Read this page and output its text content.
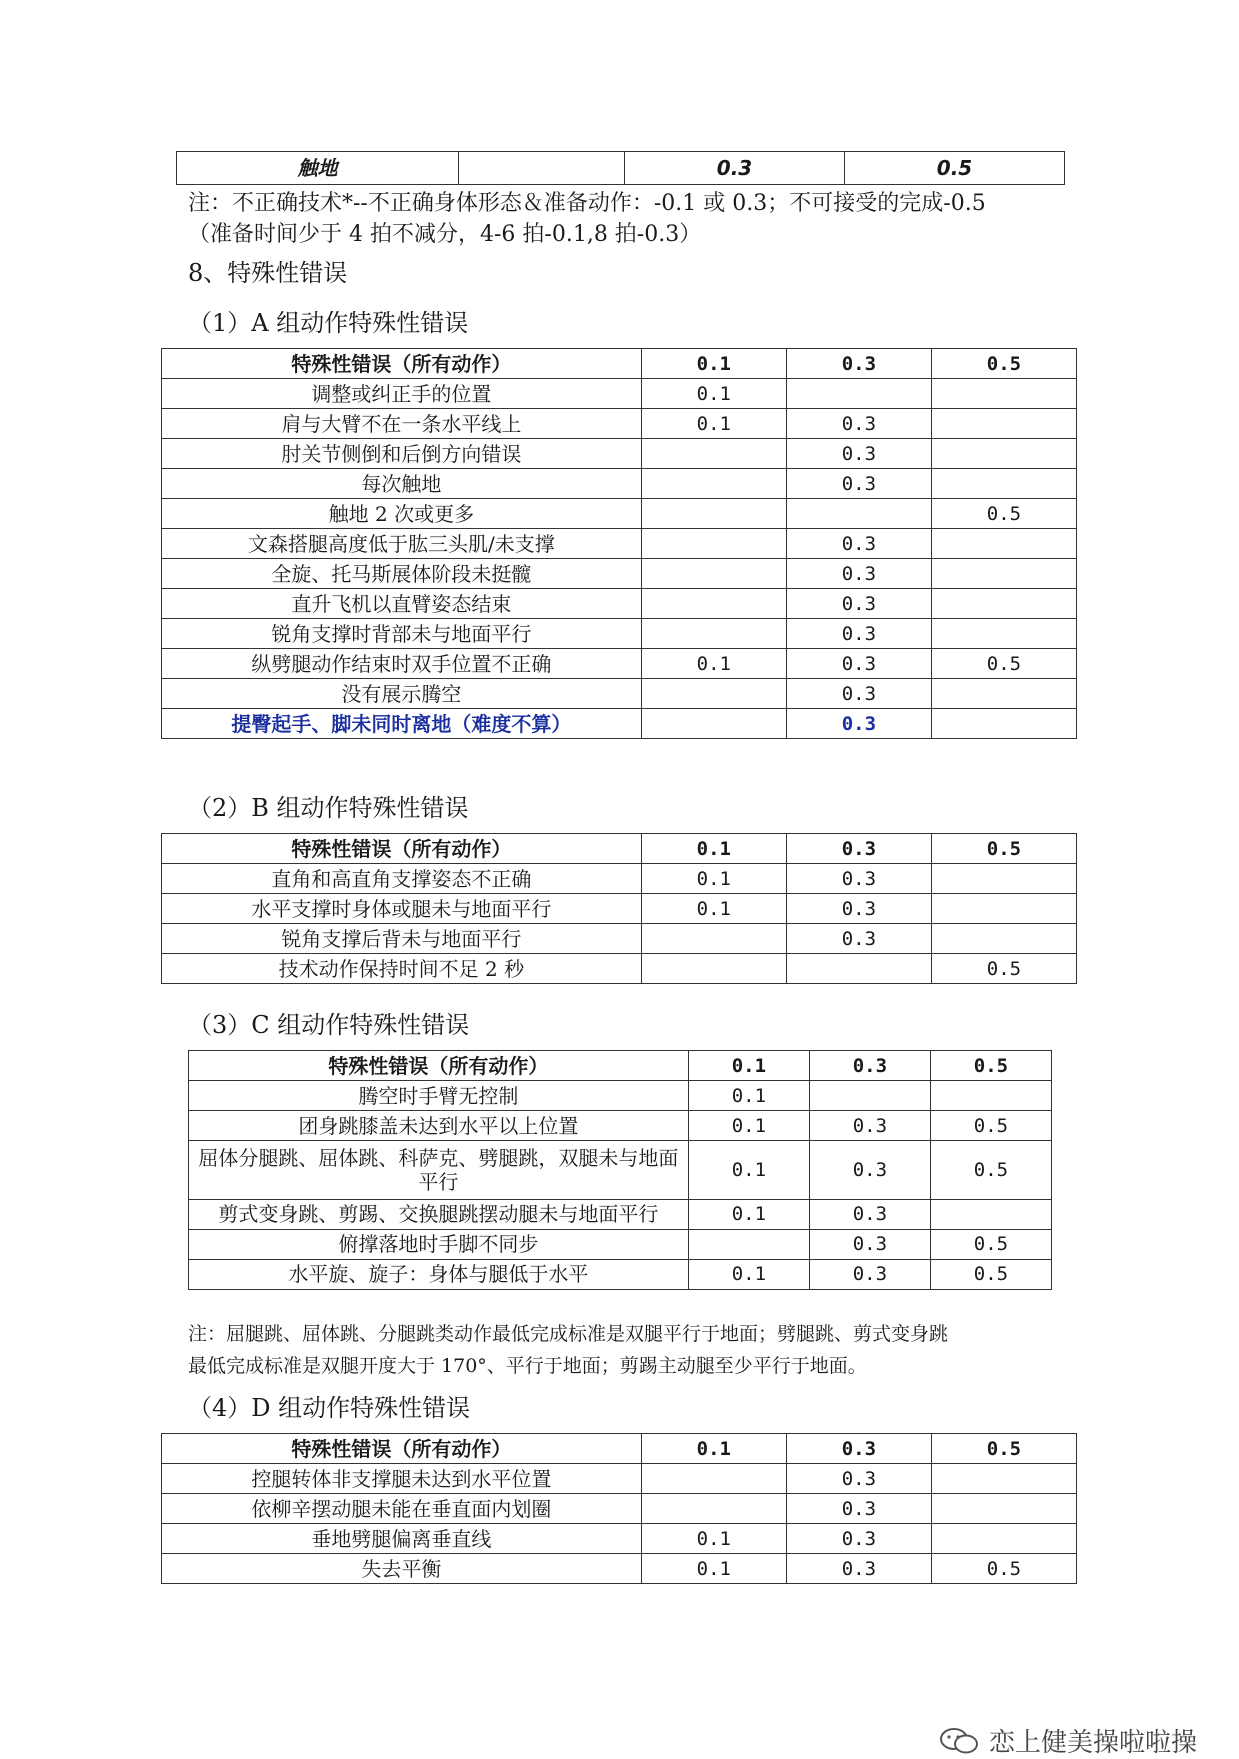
触地		0.3	0.5
注：不正确技术*--不正确身体形态＆准备动作：-0.1 或 0.3；不可接受的完成-0.5
（准备时间少于 4 拍不减分，4-6 拍-0.1,8 拍-0.3）
8、特殊性错误
（1）A 组动作特殊性错误
特殊性错误（所有动作）	0.1	0.3	0.5
调整或纠正手的位置	0.1		
肩与大臂不在一条水平线上	0.1	0.3	
肘关节侧倒和后倒方向错误		0.3	
每次触地		0.3	
触地 2 次或更多			0.5
文森搭腿高度低于肱三头肌/未支撑		0.3	
全旋、托马斯展体阶段未挺髋		0.3	
直升飞机以直臂姿态结束		0.3	
锐角支撑时背部未与地面平行		0.3	
纵劈腿动作结束时双手位置不正确	0.1	0.3	0.5
没有展示腾空		0.3	
提臀起手、脚未同时离地（难度不算）		0.3	
（2）B 组动作特殊性错误
特殊性错误（所有动作）	0.1	0.3	0.5
直角和高直角支撑姿态不正确	0.1	0.3	
水平支撑时身体或腿未与地面平行	0.1	0.3	
锐角支撑后背未与地面平行		0.3	
技术动作保持时间不足 2 秒			0.5
（3）C 组动作特殊性错误
特殊性错误（所有动作）	0.1	0.3	0.5
腾空时手臂无控制	0.1		
团身跳膝盖未达到水平以上位置	0.1	0.3	0.5
屈体分腿跳、屈体跳、科萨克、劈腿跳，双腿未与地面平行	0.1	0.3	0.5
剪式变身跳、剪踢、交换腿跳摆动腿未与地面平行	0.1	0.3	
俯撑落地时手脚不同步		0.3	0.5
水平旋、旋子：身体与腿低于水平	0.1	0.3	0.5
注：屈腿跳、屈体跳、分腿跳类动作最低完成标准是双腿平行于地面；劈腿跳、剪式变身跳
最低完成标准是双腿开度大于 170°、平行于地面；剪踢主动腿至少平行于地面。
（4）D 组动作特殊性错误
特殊性错误（所有动作）	0.1	0.3	0.5
控腿转体非支撑腿未达到水平位置		0.3	
依柳辛摆动腿未能在垂直面内划圈		0.3	
垂地劈腿偏离垂直线	0.1	0.3	
失去平衡	0.1	0.3	0.5
恋上健美操啦啦操
